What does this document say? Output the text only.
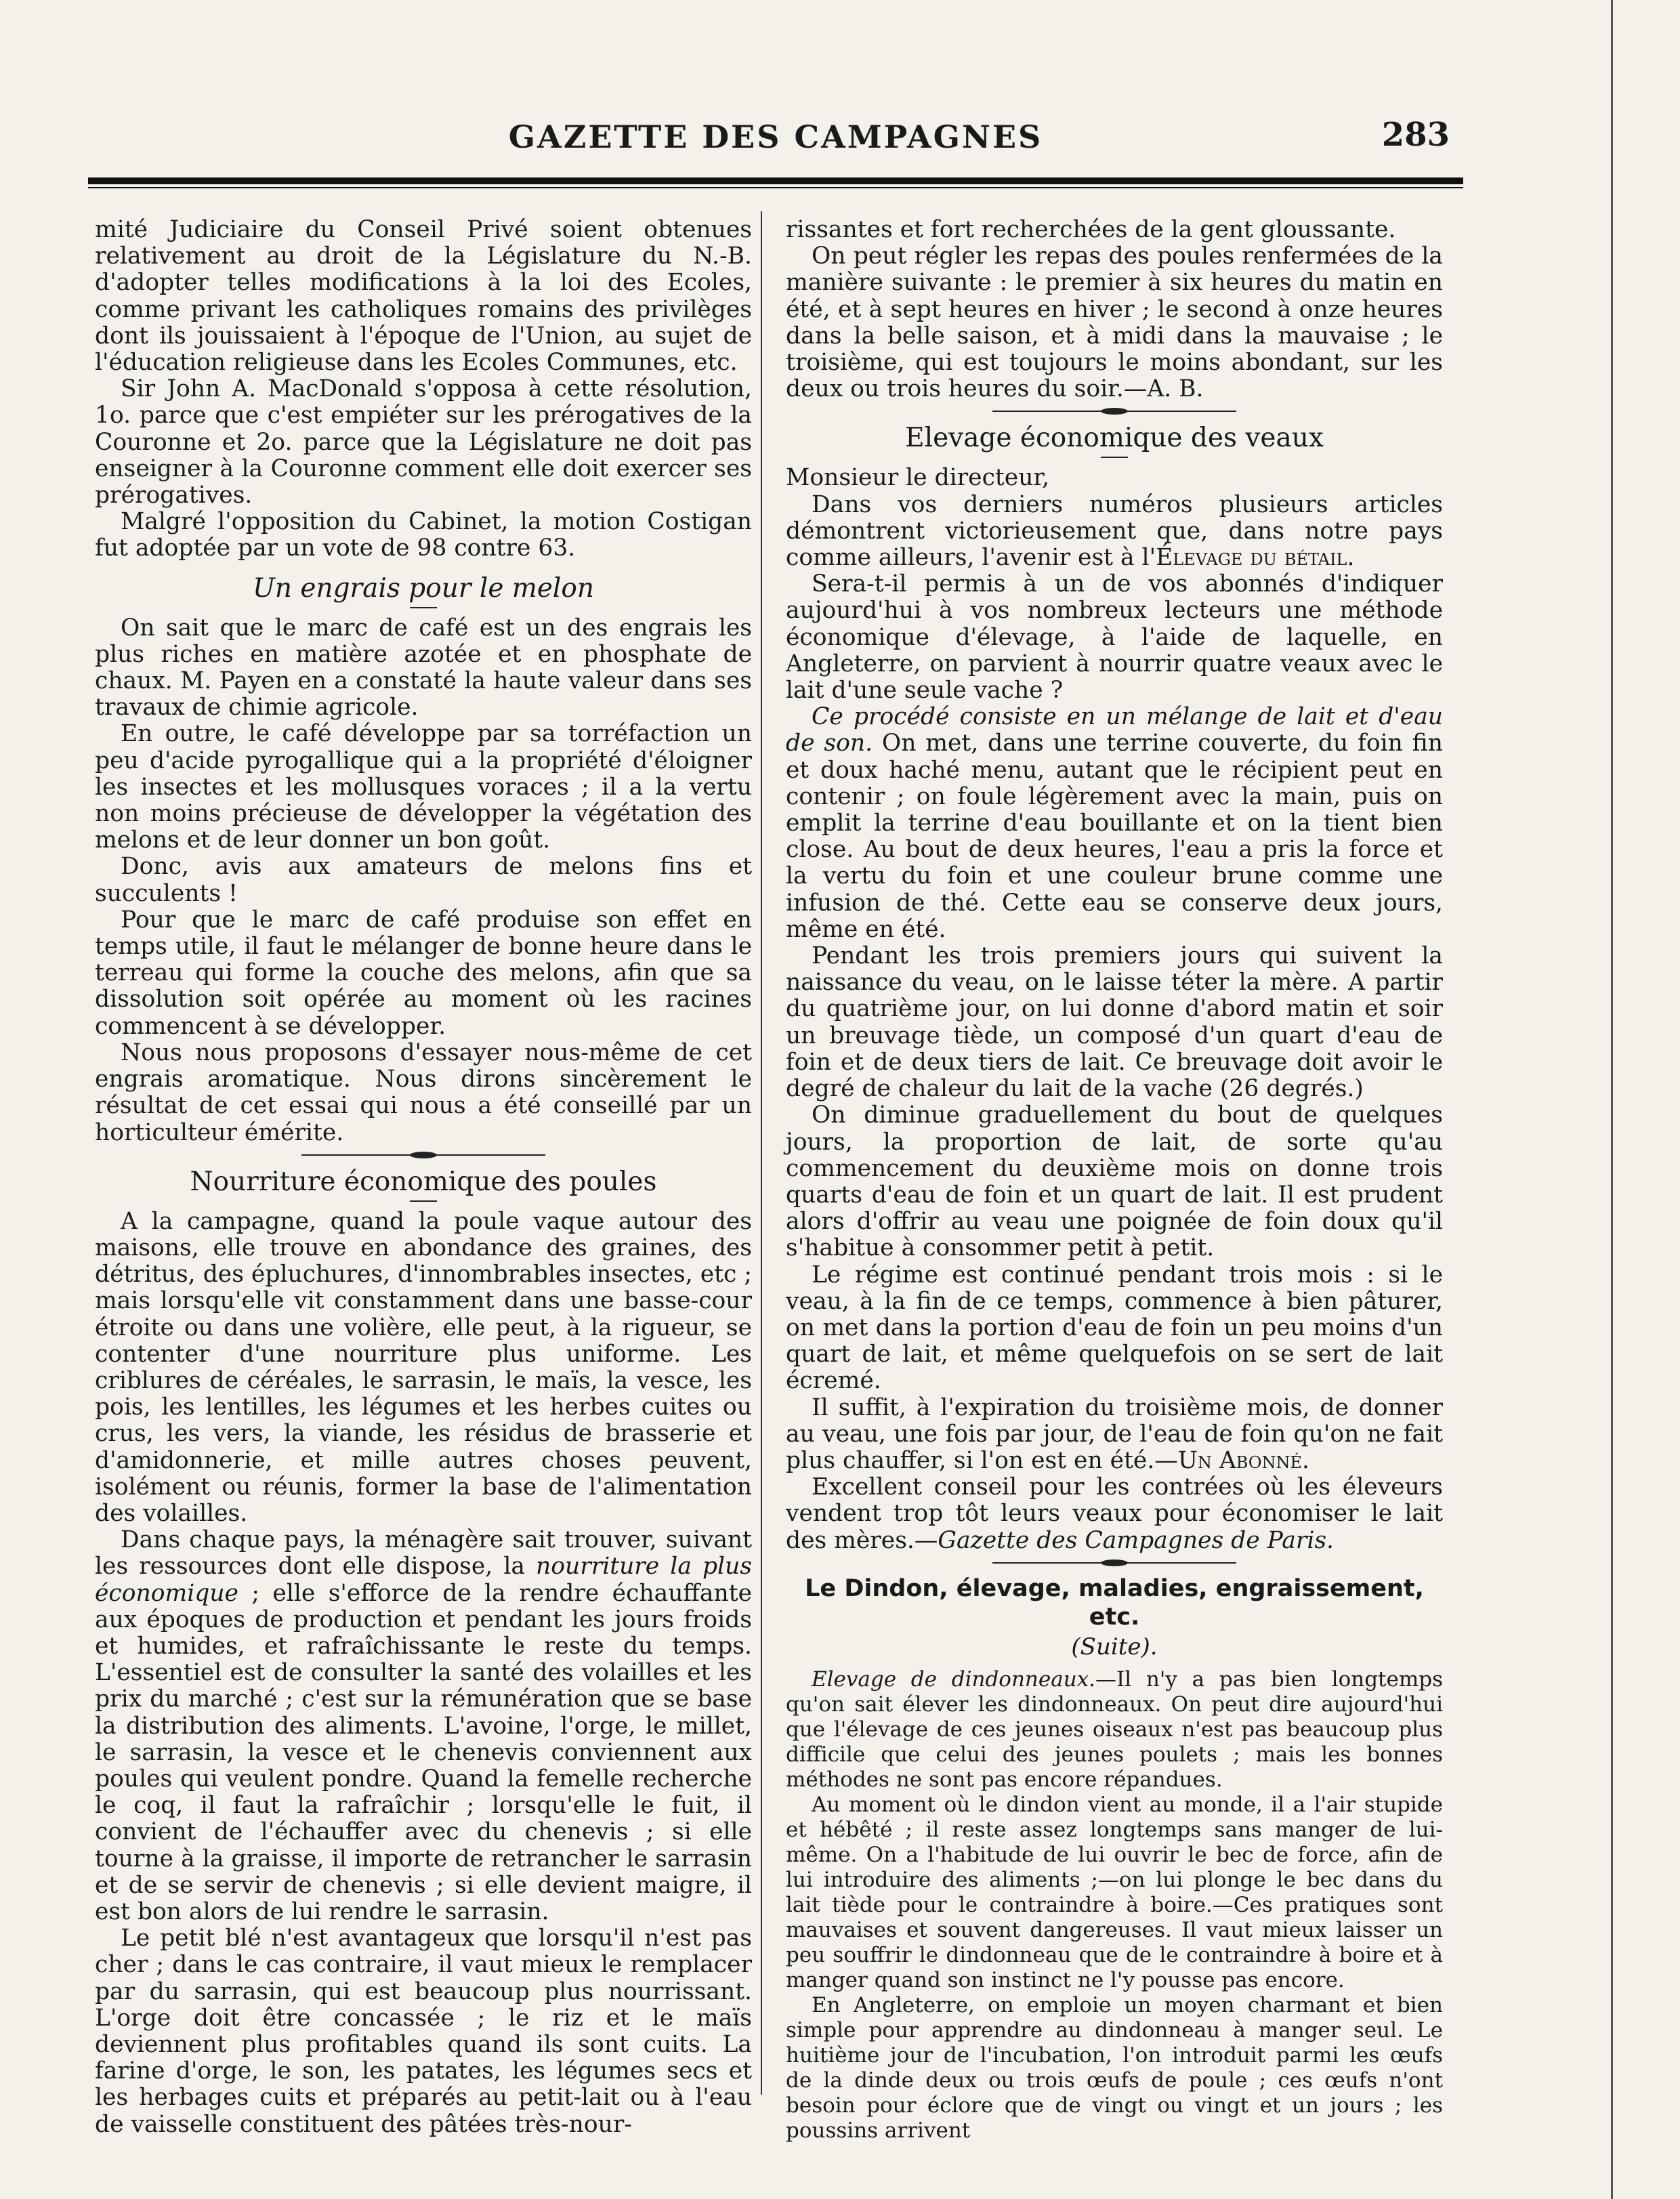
GAZETTE DES CAMPAGNES	283

mité Judiciaire du Conseil Privé soient obtenues relativement au droit de la Législature du N.-B. d'adopter telles modifications à la loi des Ecoles, comme privant les catholiques romains des privilèges dont ils jouissaient à l'époque de l'Union, au sujet de l'éducation religieuse dans les Ecoles Communes, etc.

Sir John A. MacDonald s'opposa à cette résolution, 1o. parce que c'est empiéter sur les prérogatives de la Couronne et 2o. parce que la Législature ne doit pas enseigner à la Couronne comment elle doit exercer ses prérogatives.

Malgré l'opposition du Cabinet, la motion Costigan fut adoptée par un vote de 98 contre 63.

Un engrais pour le melon

On sait que le marc de café est un des engrais les plus riches en matière azotée et en phosphate de chaux. M. Payen en a constaté la haute valeur dans ses travaux de chimie agricole.

En outre, le café développe par sa torréfaction un peu d'acide pyrogallique qui a la propriété d'éloigner les insectes et les mollusques voraces ; il a la vertu non moins précieuse de développer la végétation des melons et de leur donner un bon goût.

Donc, avis aux amateurs de melons fins et succulents !

Pour que le marc de café produise son effet en temps utile, il faut le mélanger de bonne heure dans le terreau qui forme la couche des melons, afin que sa dissolution soit opérée au moment où les racines commencent à se développer.

Nous nous proposons d'essayer nous-même de cet engrais aromatique. Nous dirons sincèrement le résultat de cet essai qui nous a été conseillé par un horticulteur émérite.

Nourriture économique des poules

A la campagne, quand la poule vaque autour des maisons, elle trouve en abondance des graines, des détritus, des épluchures, d'innombrables insectes, etc ; mais lorsqu'elle vit constamment dans une basse-cour étroite ou dans une volière, elle peut, à la rigueur, se contenter d'une nourriture plus uniforme. Les criblures de céréales, le sarrasin, le maïs, la vesce, les pois, les lentilles, les légumes et les herbes cuites ou crus, les vers, la viande, les résidus de brasserie et d'amidonnerie, et mille autres choses peuvent, isolément ou réunis, former la base de l'alimentation des volailles.

Dans chaque pays, la ménagère sait trouver, suivant les ressources dont elle dispose, la nourriture la plus économique ; elle s'efforce de la rendre échauffante aux époques de production et pendant les jours froids et humides, et rafraîchissante le reste du temps. L'essentiel est de consulter la santé des volailles et les prix du marché ; c'est sur la rémunération que se base la distribution des aliments. L'avoine, l'orge, le millet, le sarrasin, la vesce et le chenevis conviennent aux poules qui veulent pondre. Quand la femelle recherche le coq, il faut la rafraîchir ; lorsqu'elle le fuit, il convient de l'échauffer avec du chenevis ; si elle tourne à la graisse, il importe de retrancher le sarrasin et de se servir de chenevis ; si elle devient maigre, il est bon alors de lui rendre le sarrasin.

Le petit blé n'est avantageux que lorsqu'il n'est pas cher ; dans le cas contraire, il vaut mieux le remplacer par du sarrasin, qui est beaucoup plus nourrissant. L'orge doit être concassée ; le riz et le maïs deviennent plus profitables quand ils sont cuits. La farine d'orge, le son, les patates, les légumes secs et les herbages cuits et préparés au petit-lait ou à l'eau de vaisselle constituent des pâtées très-nour-

rissantes et fort recherchées de la gent gloussante.

On peut régler les repas des poules renfermées de la manière suivante : le premier à six heures du matin en été, et à sept heures en hiver ; le second à onze heures dans la belle saison, et à midi dans la mauvaise ; le troisième, qui est toujours le moins abondant, sur les deux ou trois heures du soir.—A. B.

Elevage économique des veaux

Monsieur le directeur,

Dans vos derniers numéros plusieurs articles démontrent victorieusement que, dans notre pays comme ailleurs, l'avenir est à l'Élevage du bétail.

Sera-t-il permis à un de vos abonnés d'indiquer aujourd'hui à vos nombreux lecteurs une méthode économique d'élevage, à l'aide de laquelle, en Angleterre, on parvient à nourrir quatre veaux avec le lait d'une seule vache ?

Ce procédé consiste en un mélange de lait et d'eau de son. On met, dans une terrine couverte, du foin fin et doux haché menu, autant que le récipient peut en contenir ; on foule légèrement avec la main, puis on emplit la terrine d'eau bouillante et on la tient bien close. Au bout de deux heures, l'eau a pris la force et la vertu du foin et une couleur brune comme une infusion de thé. Cette eau se conserve deux jours, même en été.

Pendant les trois premiers jours qui suivent la naissance du veau, on le laisse téter la mère. A partir du quatrième jour, on lui donne d'abord matin et soir un breuvage tiède, un composé d'un quart d'eau de foin et de deux tiers de lait. Ce breuvage doit avoir le degré de chaleur du lait de la vache (26 degrés.)

On diminue graduellement du bout de quelques jours, la proportion de lait, de sorte qu'au commencement du deuxième mois on donne trois quarts d'eau de foin et un quart de lait. Il est prudent alors d'offrir au veau une poignée de foin doux qu'il s'habitue à consommer petit à petit.

Le régime est continué pendant trois mois : si le veau, à la fin de ce temps, commence à bien pâturer, on met dans la portion d'eau de foin un peu moins d'un quart de lait, et même quelquefois on se sert de lait écremé.

Il suffit, à l'expiration du troisième mois, de donner au veau, une fois par jour, de l'eau de foin qu'on ne fait plus chauffer, si l'on est en été.—Un Abonné.

Excellent conseil pour les contrées où les éleveurs vendent trop tôt leurs veaux pour économiser le lait des mères.—Gazette des Campagnes de Paris.

Le Dindon, élevage, maladies, engraissement, etc.
(Suite).

Elevage de dindonneaux.—Il n'y a pas bien longtemps qu'on sait élever les dindonneaux. On peut dire aujourd'hui que l'élevage de ces jeunes oiseaux n'est pas beaucoup plus difficile que celui des jeunes poulets ; mais les bonnes méthodes ne sont pas encore répandues.

Au moment où le dindon vient au monde, il a l'air stupide et hébêté ; il reste assez longtemps sans manger de lui-même. On a l'habitude de lui ouvrir le bec de force, afin de lui introduire des aliments ;—on lui plonge le bec dans du lait tiède pour le contraindre à boire.—Ces pratiques sont mauvaises et souvent dangereuses. Il vaut mieux laisser un peu souffrir le dindonneau que de le contraindre à boire et à manger quand son instinct ne l'y pousse pas encore.

En Angleterre, on emploie un moyen charmant et bien simple pour apprendre au dindonneau à manger seul. Le huitième jour de l'incubation, l'on introduit parmi les œufs de la dinde deux ou trois œufs de poule ; ces œufs n'ont besoin pour éclore que de vingt ou vingt et un jours ; les poussins arrivent
